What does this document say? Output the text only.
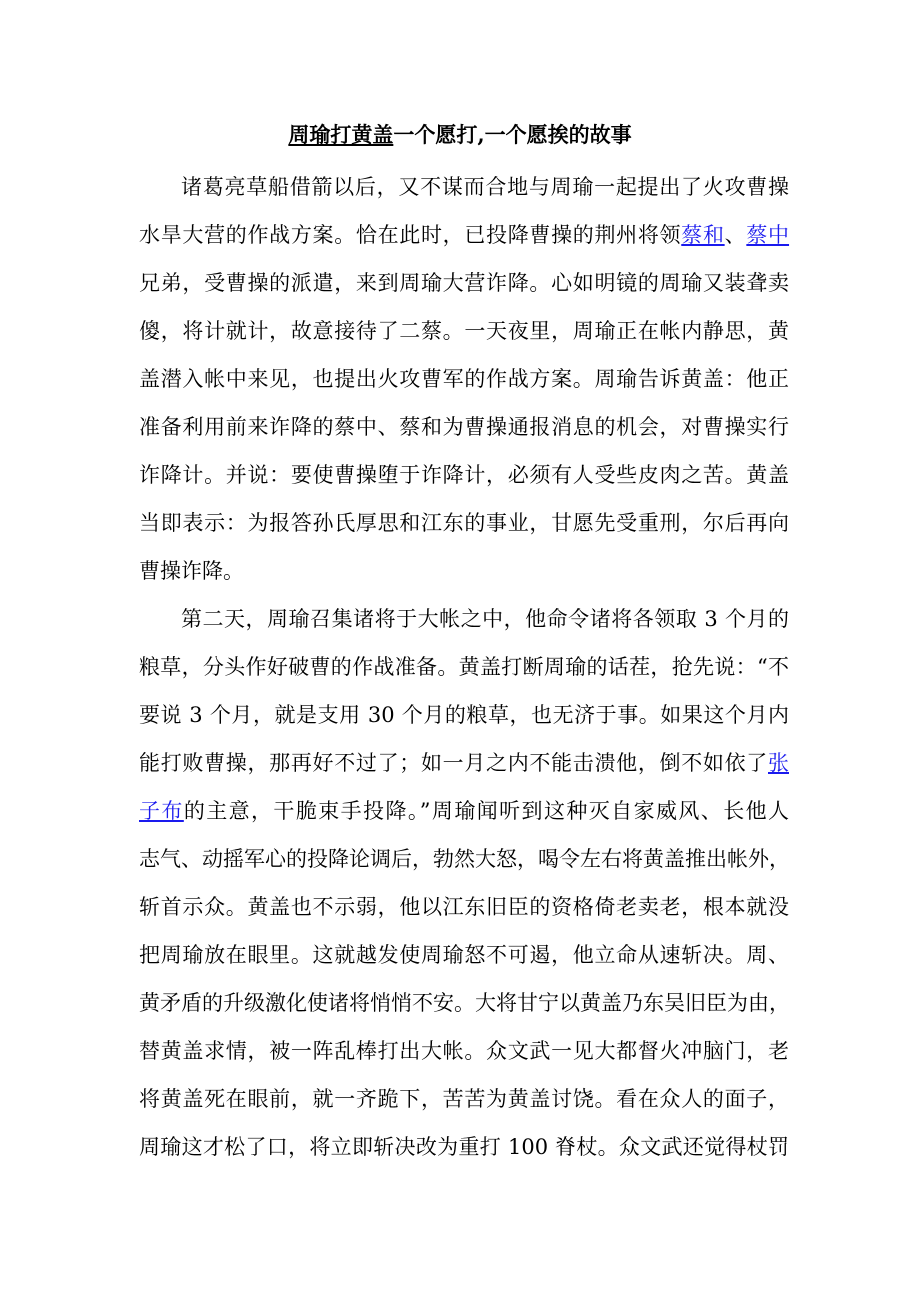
周瑜打黄盖一个愿打,一个愿挨的故事
诸葛亮草船借箭以后，又不谋而合地与周瑜一起提出了火攻曹操
水旱大营的作战方案。恰在此时，已投降曹操的荆州将领蔡和、蔡中
兄弟，受曹操的派遣，来到周瑜大营诈降。心如明镜的周瑜又装聋卖
傻，将计就计，故意接待了二蔡。一天夜里，周瑜正在帐内静思，黄
盖潜入帐中来见，也提出火攻曹军的作战方案。周瑜告诉黄盖：他正
准备利用前来诈降的蔡中、蔡和为曹操通报消息的机会，对曹操实行
诈降计。并说：要使曹操堕于诈降计，必须有人受些皮肉之苦。黄盖
当即表示：为报答孙氏厚思和江东的事业，甘愿先受重刑，尔后再向
曹操诈降。
第二天，周瑜召集诸将于大帐之中，他命令诸将各领取 3 个月的
粮草，分头作好破曹的作战准备。黄盖打断周瑜的话茬，抢先说：“不
要说 3 个月，就是支用 30 个月的粮草，也无济于事。如果这个月内
能打败曹操，那再好不过了；如一月之内不能击溃他，倒不如依了张
子布的主意，干脆束手投降。”周瑜闻听到这种灭自家威风、长他人
志气、动摇军心的投降论调后，勃然大怒，喝令左右将黄盖推出帐外，
斩首示众。黄盖也不示弱，他以江东旧臣的资格倚老卖老，根本就没
把周瑜放在眼里。这就越发使周瑜怒不可遏，他立命从速斩决。周、
黄矛盾的升级激化使诸将悄悄不安。大将甘宁以黄盖乃东吴旧臣为由，
替黄盖求情，被一阵乱棒打出大帐。众文武一见大都督火冲脑门，老
将黄盖死在眼前，就一齐跪下，苦苦为黄盖讨饶。看在众人的面子，
周瑜这才松了口，将立即斩决改为重打 100 脊杖。众文武还觉得杖罚
